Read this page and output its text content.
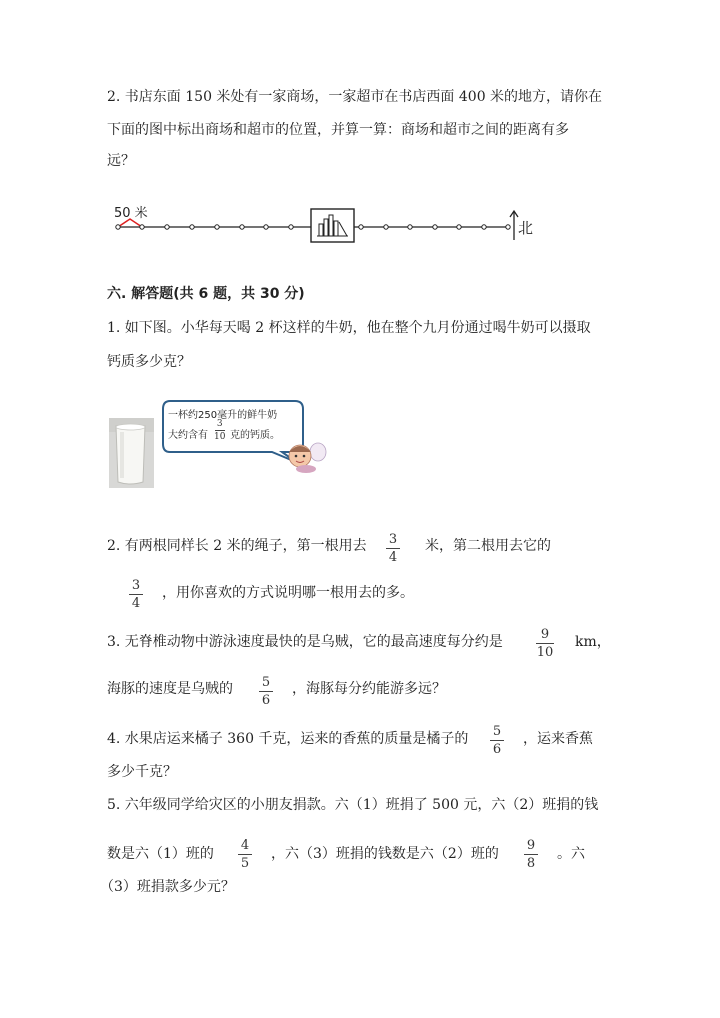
2. 书店东面 150 米处有一家商场，一家超市在书店西面 400 米的地方，请你在
下面的图中标出商场和超市的位置，并算一算：商场和超市之间的距离有多
远？
50 米
北
六. 解答题(共 6 题，共 30 分)
1. 如下图。小华每天喝 2 杯这样的牛奶，他在整个九月份通过喝牛奶可以摄取
钙质多少克？
一杯约250毫升的鲜牛奶
大约含有
3
10 克的钙质。
2. 有两根同样长 2 米的绳子，第一根用去 3
4
米，第二根用去它的
3
4
，用你喜欢的方式说明哪一根用去的多。
3. 无脊椎动物中游泳速度最快的是乌贼，它的最高速度每分约是	9
10
km，
海豚的速度是乌贼的 5
6
，海豚每分约能游多远？
4. 水果店运来橘子 360 千克，运来的香蕉的质量是橘子的 5
6
，运来香蕉
多少千克？
5. 六年级同学给灾区的小朋友捐款。六（1）班捐了 500 元，六（2）班捐的钱
数是六（1）班的
4
5
，六（3）班捐的钱数是六（2）班的
9
8
。六
（3）班捐款多少元？
